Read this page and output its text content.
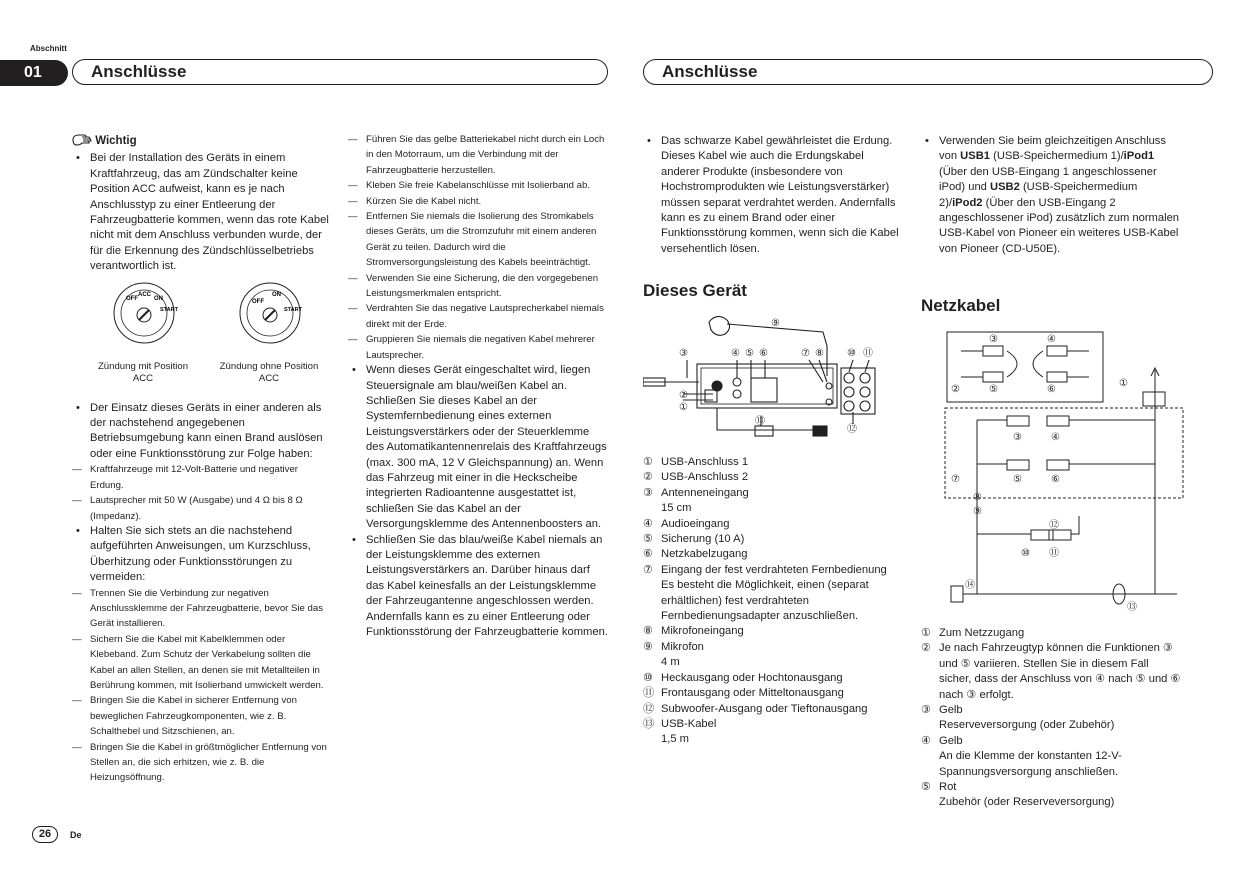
Abschnitt
01	Anschlüsse	Anschlüsse
Wichtig

• Bei der Installation des Geräts in einem Kraftfahrzeug, das am Zündschalter keine Position ACC aufweist, kann es je nach Anschlusstyp zu einer Entleerung der Fahrzeugbatterie kommen, wenn das rote Kabel nicht mit dem Anschluss verbunden wurde, der für die Erkennung des Zündschlüsselbetriebs verantwortlich ist.

OFF
ACC
ON
START
OFF
ON
START
Zündung mit Position ACC
Zündung ohne Position ACC

• Der Einsatz dieses Geräts in einer anderen als der nachstehend angegebenen Betriebsumgebung kann einen Brand auslösen oder eine Funktionsstörung zur Folge haben:

— Kraftfahrzeuge mit 12-Volt-Batterie und negativer Erdung.

— Lautsprecher mit 50 W (Ausgabe) und 4 Ω bis 8 Ω (Impedanz).

• Halten Sie sich stets an die nachstehend aufgeführten Anweisungen, um Kurzschluss, Überhitzung oder Funktionsstörungen zu vermeiden:

— Trennen Sie die Verbindung zur negativen Anschlussklemme der Fahrzeugbatterie, bevor Sie das Gerät installieren.

— Sichern Sie die Kabel mit Kabelklemmen oder Klebeband. Zum Schutz der Verkabelung sollten die Kabel an allen Stellen, an denen sie mit Metallteilen in Berührung kommen, mit Isolierband umwickelt werden.

— Bringen Sie die Kabel in sicherer Entfernung von beweglichen Fahrzeugkomponenten, wie z. B. Schalthebel und Sitzschienen, an.

— Bringen Sie die Kabel in größtmöglicher Entfernung von Stellen an, die sich erhitzen, wie z. B. die Heizungsöffnung.

— Führen Sie das gelbe Batteriekabel nicht durch ein Loch in den Motorraum, um die Verbindung mit der Fahrzeugbatterie herzustellen.

— Kleben Sie freie Kabelanschlüsse mit Isolierband ab.

— Kürzen Sie die Kabel nicht.

— Entfernen Sie niemals die Isolierung des Stromkabels dieses Geräts, um die Stromzufuhr mit einem anderen Gerät zu teilen. Dadurch wird die Stromversorgungsleistung des Kabels beeinträchtigt.

— Verwenden Sie eine Sicherung, die den vorgegebenen Leistungsmerkmalen entspricht.

— Verdrahten Sie das negative Lautsprecherkabel niemals direkt mit der Erde.

— Gruppieren Sie niemals die negativen Kabel mehrerer Lautsprecher.

• Wenn dieses Gerät eingeschaltet wird, liegen Steuersignale am blau/weißen Kabel an. Schließen Sie dieses Kabel an der Systemfernbedienung eines externen Leistungsverstärkers oder der Steuerklemme des Automatikantennenrelais des Kraftfahrzeugs (max. 300 mA, 12 V Gleichspannung) an. Wenn das Fahrzeug mit einer in die Heckscheibe integrierten Radioantenne ausgestattet ist, schließen Sie das Kabel an der Versorgungsklemme des Antennenboosters an.

• Schließen Sie das blau/weiße Kabel niemals an der Leistungsklemme des externen Leistungsverstärkers an. Darüber hinaus darf das Kabel keinesfalls an der Leistungsklemme der Fahrzeugantenne angeschlossen werden. Andernfalls kann es zu einer Entleerung oder Funktionsstörung der Fahrzeugbatterie kommen.

• Das schwarze Kabel gewährleistet die Erdung. Dieses Kabel wie auch die Erdungskabel anderer Produkte (insbesondere von Hochstromprodukten wie Leistungsverstärker) müssen separat verdrahtet werden. Andernfalls kann es zu einem Brand oder einer Funktionsstörung kommen, wenn sich die Kabel versehentlich lösen.

Dieses Gerät
③	④ ⑤ ⑥	⑦ ⑧
⑨
⑩ ⑪
②
①
⑬
⑫

① USB-Anschluss 1

② USB-Anschluss 2

③ Antenneneingang
15 cm

④ Audioeingang

⑤ Sicherung (10 A)

⑥ Netzkabelzugang

⑦ Eingang der fest verdrahteten Fernbedienung
Es besteht die Möglichkeit, einen (separat erhältlichen) fest verdrahteten Fernbedienungsadapter anzuschließen.

⑧ Mikrofoneingang

⑨ Mikrofon
4 m

⑩ Heckausgang oder Hochtonausgang

⑪ Frontausgang oder Mitteltonausgang

⑫ Subwoofer-Ausgang oder Tieftonausgang

⑬ USB-Kabel
1,5 m

• Verwenden Sie beim gleichzeitigen Anschluss von USB1 (USB-Speichermedium 1)/iPod1 (Über den USB-Eingang 1 angeschlossener iPod) und USB2 (USB-Speichermedium 2)/iPod2 (Über den USB-Eingang 2 angeschlossener iPod) zusätzlich zum normalen USB-Kabel von Pioneer ein weiteres USB-Kabel von Pioneer (CD-U50E).

Netzkabel
③	④
②	⑤	⑥
①
③	④
⑦	⑤	⑥
⑧
⑨
⑫
⑩ ⑪
⑭
⑬

① Zum Netzzugang

② Je nach Fahrzeugtyp können die Funktionen ③ und ⑤ variieren. Stellen Sie in diesem Fall sicher, dass der Anschluss von ④ nach ⑤ und ⑥ nach ③ erfolgt.

③ Gelb
Reserveversorgung (oder Zubehör)

④ Gelb
An die Klemme der konstanten 12-V-Spannungsversorgung anschließen.

⑤ Rot
Zubehör (oder Reserveversorgung)

26	De
